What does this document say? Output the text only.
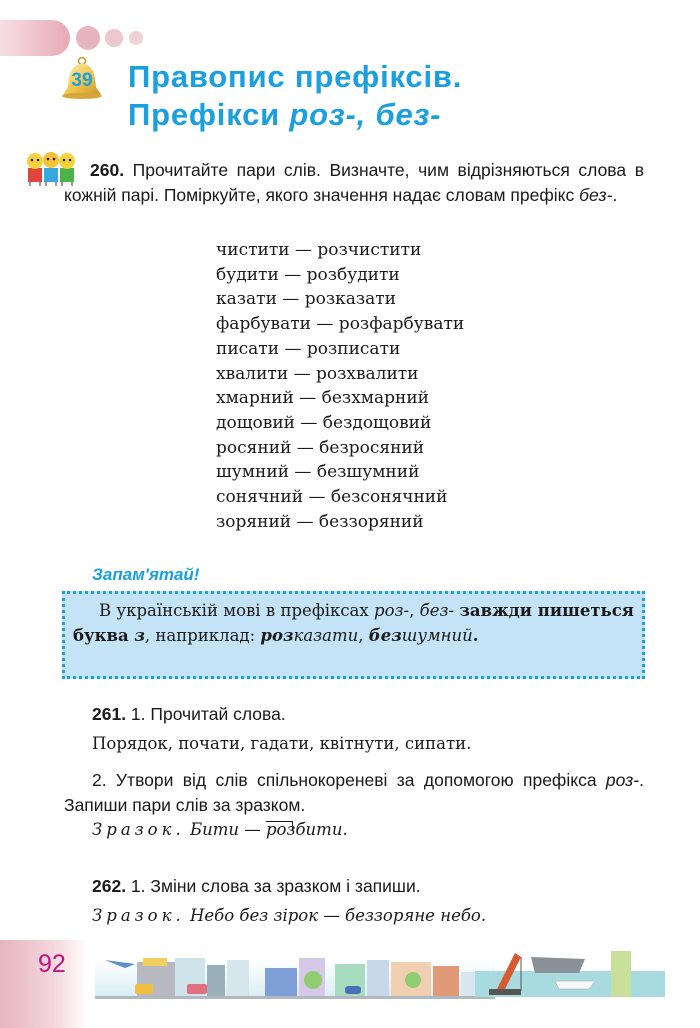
39	Правопис префіксів.
Префікси роз-, без-

260. Прочитайте пари слів. Визначте, чим відрізняються слова в кожній парі. Поміркуйте, якого значення надає словам префікс без-.

чистити — розчистити
будити — розбудити
казати — розказати
фарбувати — розфарбувати
писати — розписати
хвалити — розхвалити
хмарний — безхмарний
дощовий — бездощовий
росяний — безросяний
шумний — безшумний
сонячний — безсонячний
зоряний — беззоряний
Запам'ятай!
В українській мові в префіксах роз-, без- завжди пишеться буква з, наприклад: розказати, безшумний.

261. 1. Прочитай слова.

Порядок, почати, гадати, квітнути, сипати.

2. Утвори від слів спільнокореневі за допомогою префікса роз-. Запиши пари слів за зразком.

Зразок. Бити — розбити.

262. 1. Зміни слова за зразком і запиши.

Зразок. Небо без зірок — беззоряне небо.
92
